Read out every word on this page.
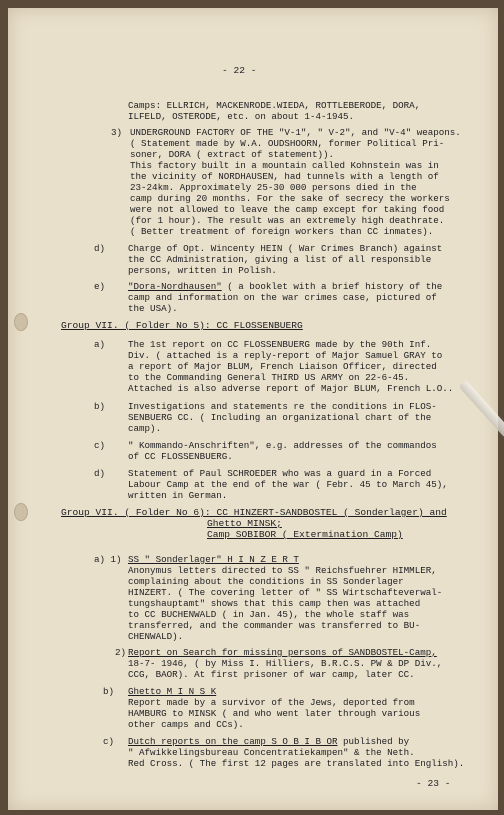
- 22 -
Camps: ELLRICH, MACKENRODE.WIEDA, ROTTLEBERODE, DORA,
ILFELD, OSTERODE, etc. on about 1-4-1945.
3) UNDERGROUND FACTORY OF THE "V-1", " V-2", and "V-4" weapons.
( Statement made by W.A. OUDSHOORN, former Political Pri-
soner, DORA ( extract of statement)).
This factory built in a mountain called Kohnstein was in
the vicinity of NORDHAUSEN, had tunnels with a length of
23-24km. Approximately 25-30 000 persons died in the
camp during 20 months. For the sake of secrecy the workers
were not allowed to leave the camp except for taking food
(for 1 hour). The result was an extremely high deathrate.
( Better treatment of foreign workers than CC inmates).
d) Charge of Opt. Wincenty HEIN ( War Crimes Branch) against
the CC Administration, giving a list of all responsible
persons, written in Polish.
e) "Dora-Nordhausen" ( a booklet with a brief history of the
camp and information on the war crimes case, pictured of
the USA).
Group VII. ( Folder No 5): CC FLOSSENBUERG
a) The 1st report on CC FLOSSENBUERG made by the 90th Inf.
Div. ( attached is a reply-report of Major Samuel GRAY to
a report of Major BLUM, French Liaison Officer, directed
to the Commanding General THIRD US ARMY on 22-6-45.
Attached is also adverse report of Major BLUM, French L.O..
b) Investigations and statements re the conditions in FLOS-
SENBUERG CC. ( Including an organizational chart of the
camp).
c) " Kommando-Anschriften", e.g. addresses of the commandos
of CC FLOSSENBUERG.
d) Statement of Paul SCHROEDER who was a guard in a Forced
Labour Camp at the end of the war ( Febr. 45 to March 45),
written in German.
Group VII. ( Folder No 6): CC HINZERT-SANDBOSTEL ( Sonderlager) and
Ghetto MINSK;
Camp SOBIBOR ( Extermination Camp)
a) 1) SS " Sonderlager" H I N Z E R T
Anonymus letters directed to SS " Reichsfuehrer HIMMLER,
complaining about the conditions in SS Sonderlager
HINZERT. ( The covering letter of " SS Wirtschafteverwal-
tungshauptamt" shows that this camp then was attached
to CC BUCHENWALD ( in Jan. 45), the whole staff was
transferred, and the commander was transferred to BU-
CHENWALD).
2) Report on Search for missing persons of SANDBOSTEL-Camp,
18-7- 1946, ( by Miss I. Hilliers, B.R.C.S. PW & DP Div.,
CCG, BAOR). At first prisoner of war camp, later CC.
b) Ghetto M I N S K
Report made by a survivor of the Jews, deported from
HAMBURG to MINSK ( and who went later through various
other camps and CCs).
c) Dutch reports on the camp S O B I B OR published by
" Afwikkelingsbureau Concentratiekampen" & the Neth.
Red Cross. ( The first 12 pages are translated into English).
- 23 -
